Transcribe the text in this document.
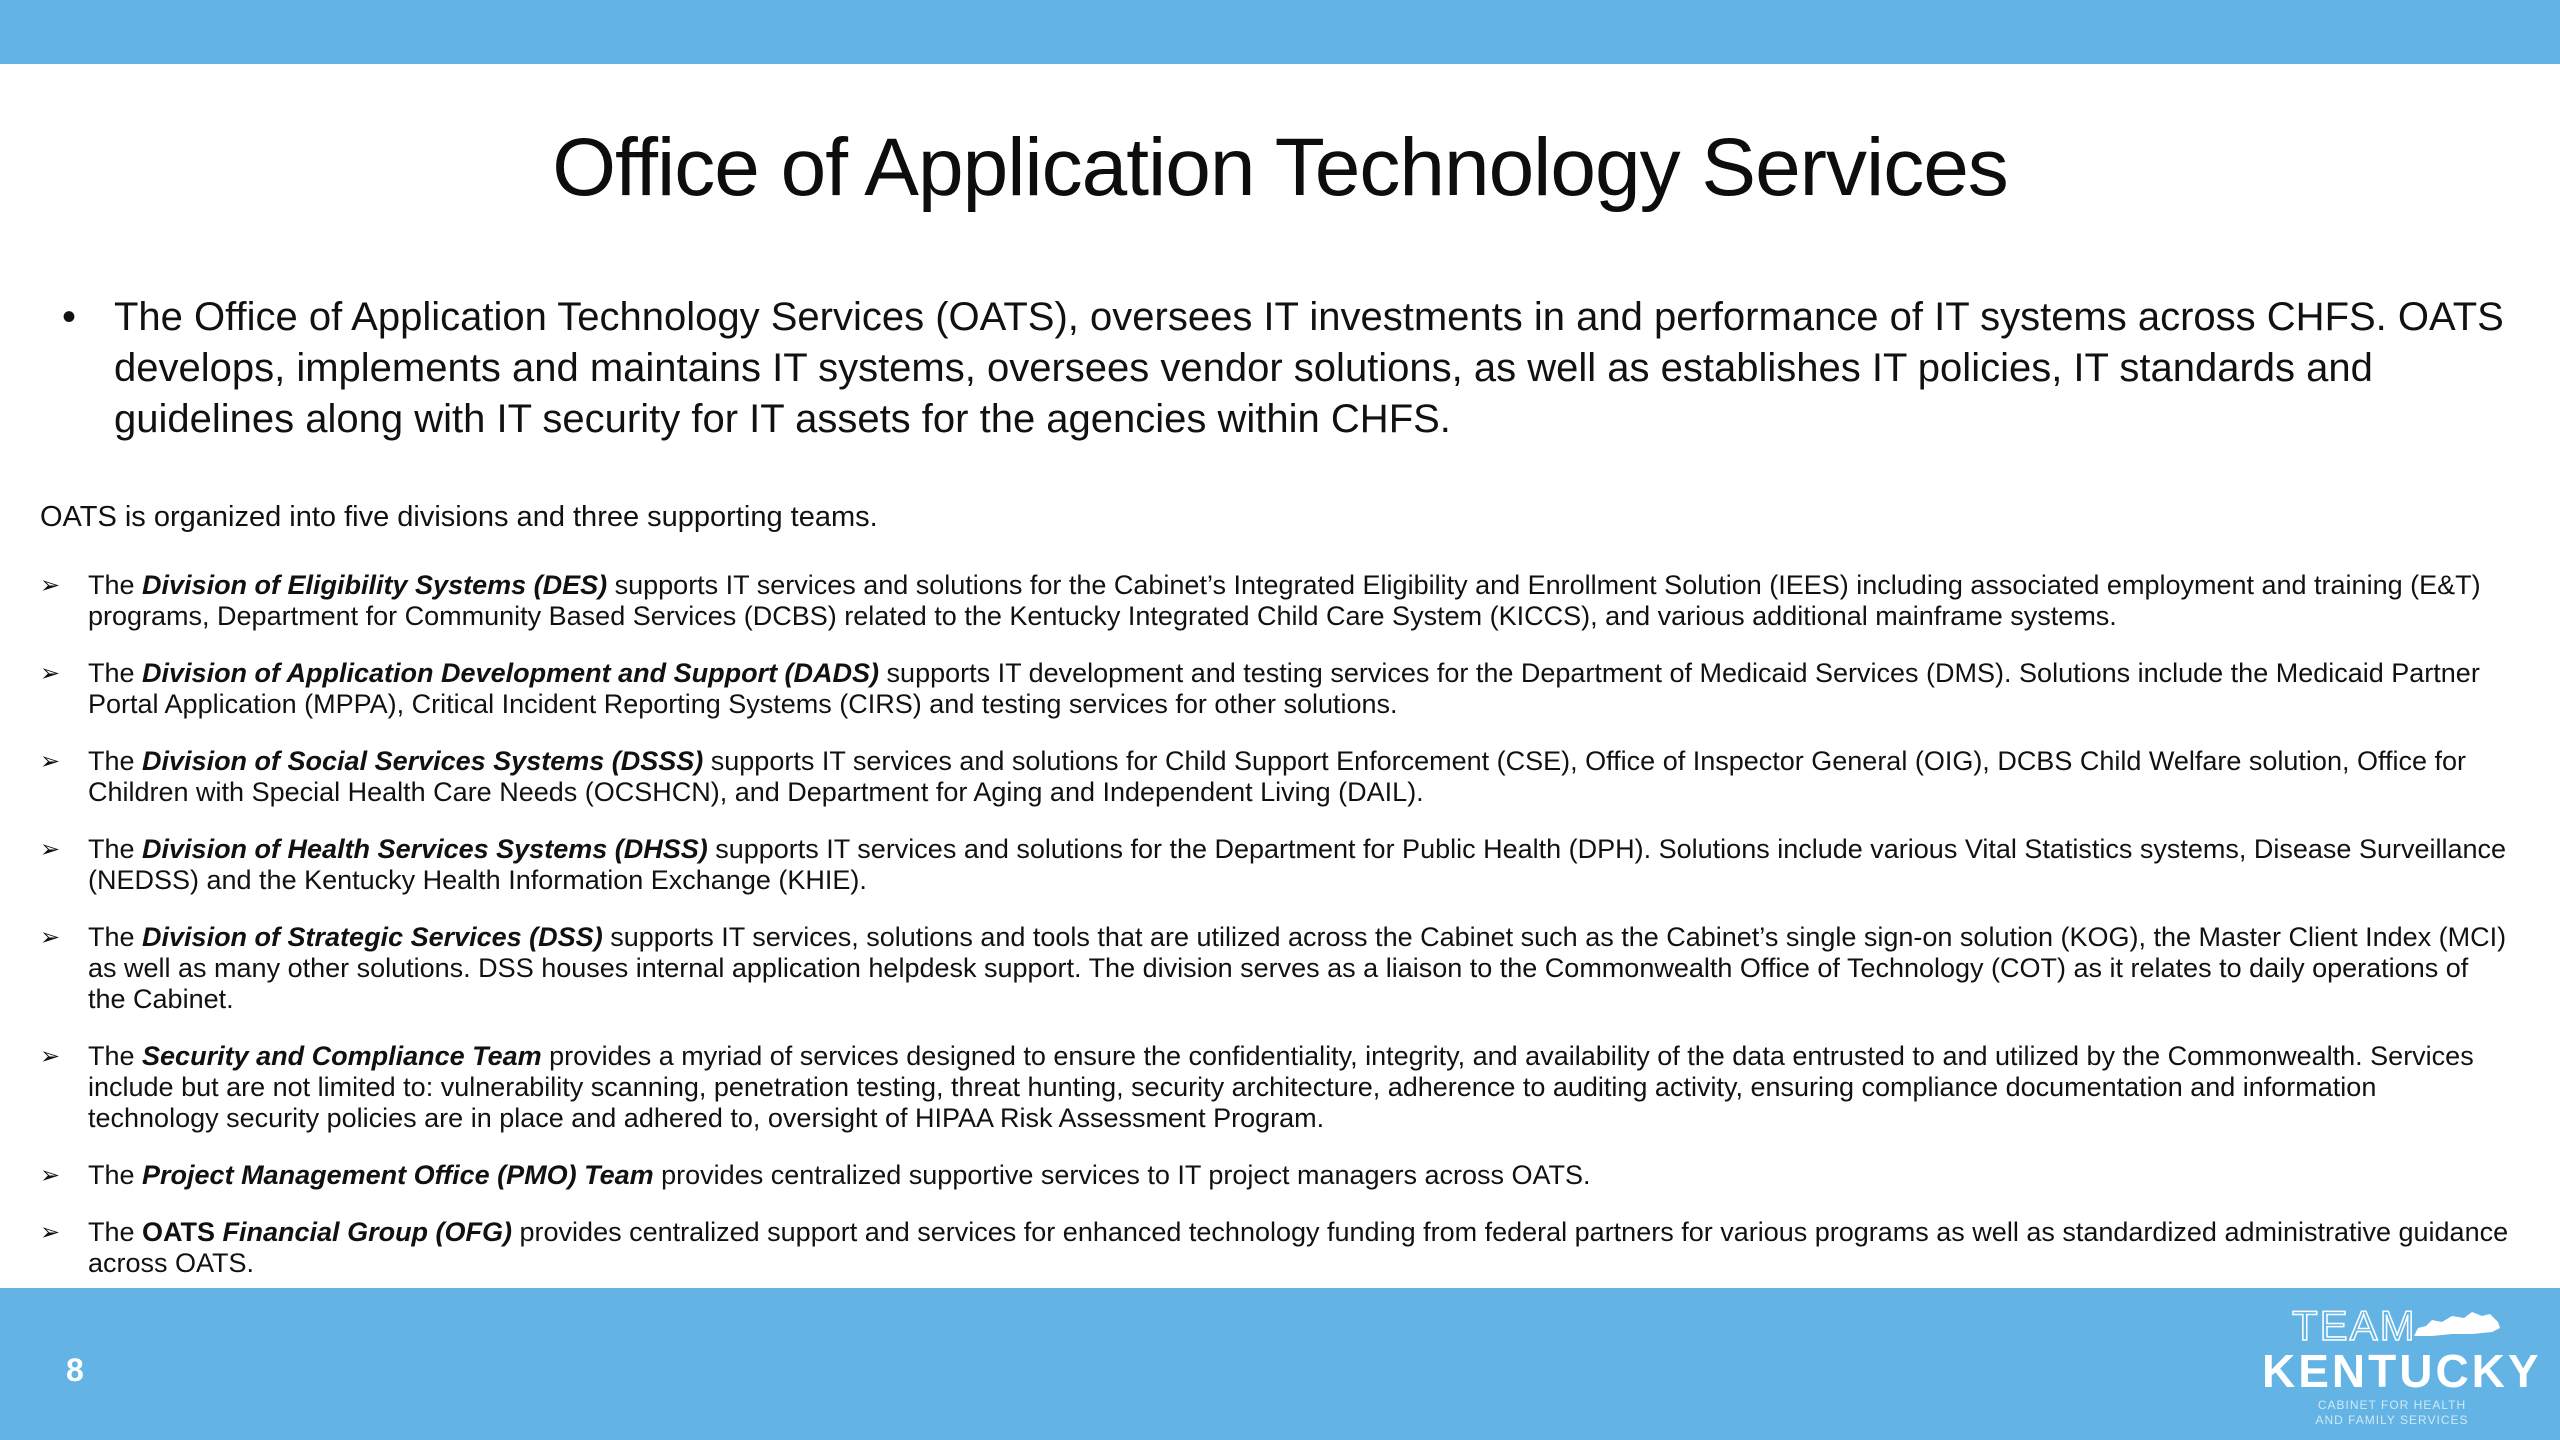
Office of Application Technology Services
• The Office of Application Technology Services (OATS), oversees IT investments in and performance of IT systems across CHFS. OATS develops, implements and maintains IT systems, oversees vendor solutions, as well as establishes IT policies, IT standards and guidelines along with IT security for IT assets for the agencies within CHFS.
OATS is organized into five divisions and three supporting teams.
➢	The Division of Eligibility Systems (DES) supports IT services and solutions for the Cabinet’s Integrated Eligibility and Enrollment Solution (IEES) including associated employment and training (E&T) programs, Department for Community Based Services (DCBS) related to the Kentucky Integrated Child Care System (KICCS), and various additional mainframe systems.
➢	The Division of Application Development and Support (DADS) supports IT development and testing services for the Department of Medicaid Services (DMS). Solutions include the Medicaid Partner Portal Application (MPPA), Critical Incident Reporting Systems (CIRS) and testing services for other solutions.
➢	The Division of Social Services Systems (DSSS) supports IT services and solutions for Child Support Enforcement (CSE), Office of Inspector General (OIG), DCBS Child Welfare solution, Office for Children with Special Health Care Needs (OCSHCN), and Department for Aging and Independent Living (DAIL).
➢	The Division of Health Services Systems (DHSS) supports IT services and solutions for the Department for Public Health (DPH). Solutions include various Vital Statistics systems, Disease Surveillance (NEDSS) and the Kentucky Health Information Exchange (KHIE).
➢	The Division of Strategic Services (DSS) supports IT services, solutions and tools that are utilized across the Cabinet such as the Cabinet’s single sign-on solution (KOG), the Master Client Index (MCI) as well as many other solutions. DSS houses internal application helpdesk support. The division serves as a liaison to the Commonwealth Office of Technology (COT) as it relates to daily operations of the Cabinet.
➢	The Security and Compliance Team provides a myriad of services designed to ensure the confidentiality, integrity, and availability of the data entrusted to and utilized by the Commonwealth. Services include but are not limited to: vulnerability scanning, penetration testing, threat hunting, security architecture, adherence to auditing activity, ensuring compliance documentation and information technology security policies are in place and adhered to, oversight of HIPAA Risk Assessment Program.
➢	The Project Management Office (PMO) Team provides centralized supportive services to IT project managers across OATS.
➢	The OATS Financial Group (OFG) provides centralized support and services for enhanced technology funding from federal partners for various programs as well as standardized administrative guidance across OATS.
8
TEAM
KENTUCKY
CABINET FOR HEALTH
AND FAMILY SERVICES
